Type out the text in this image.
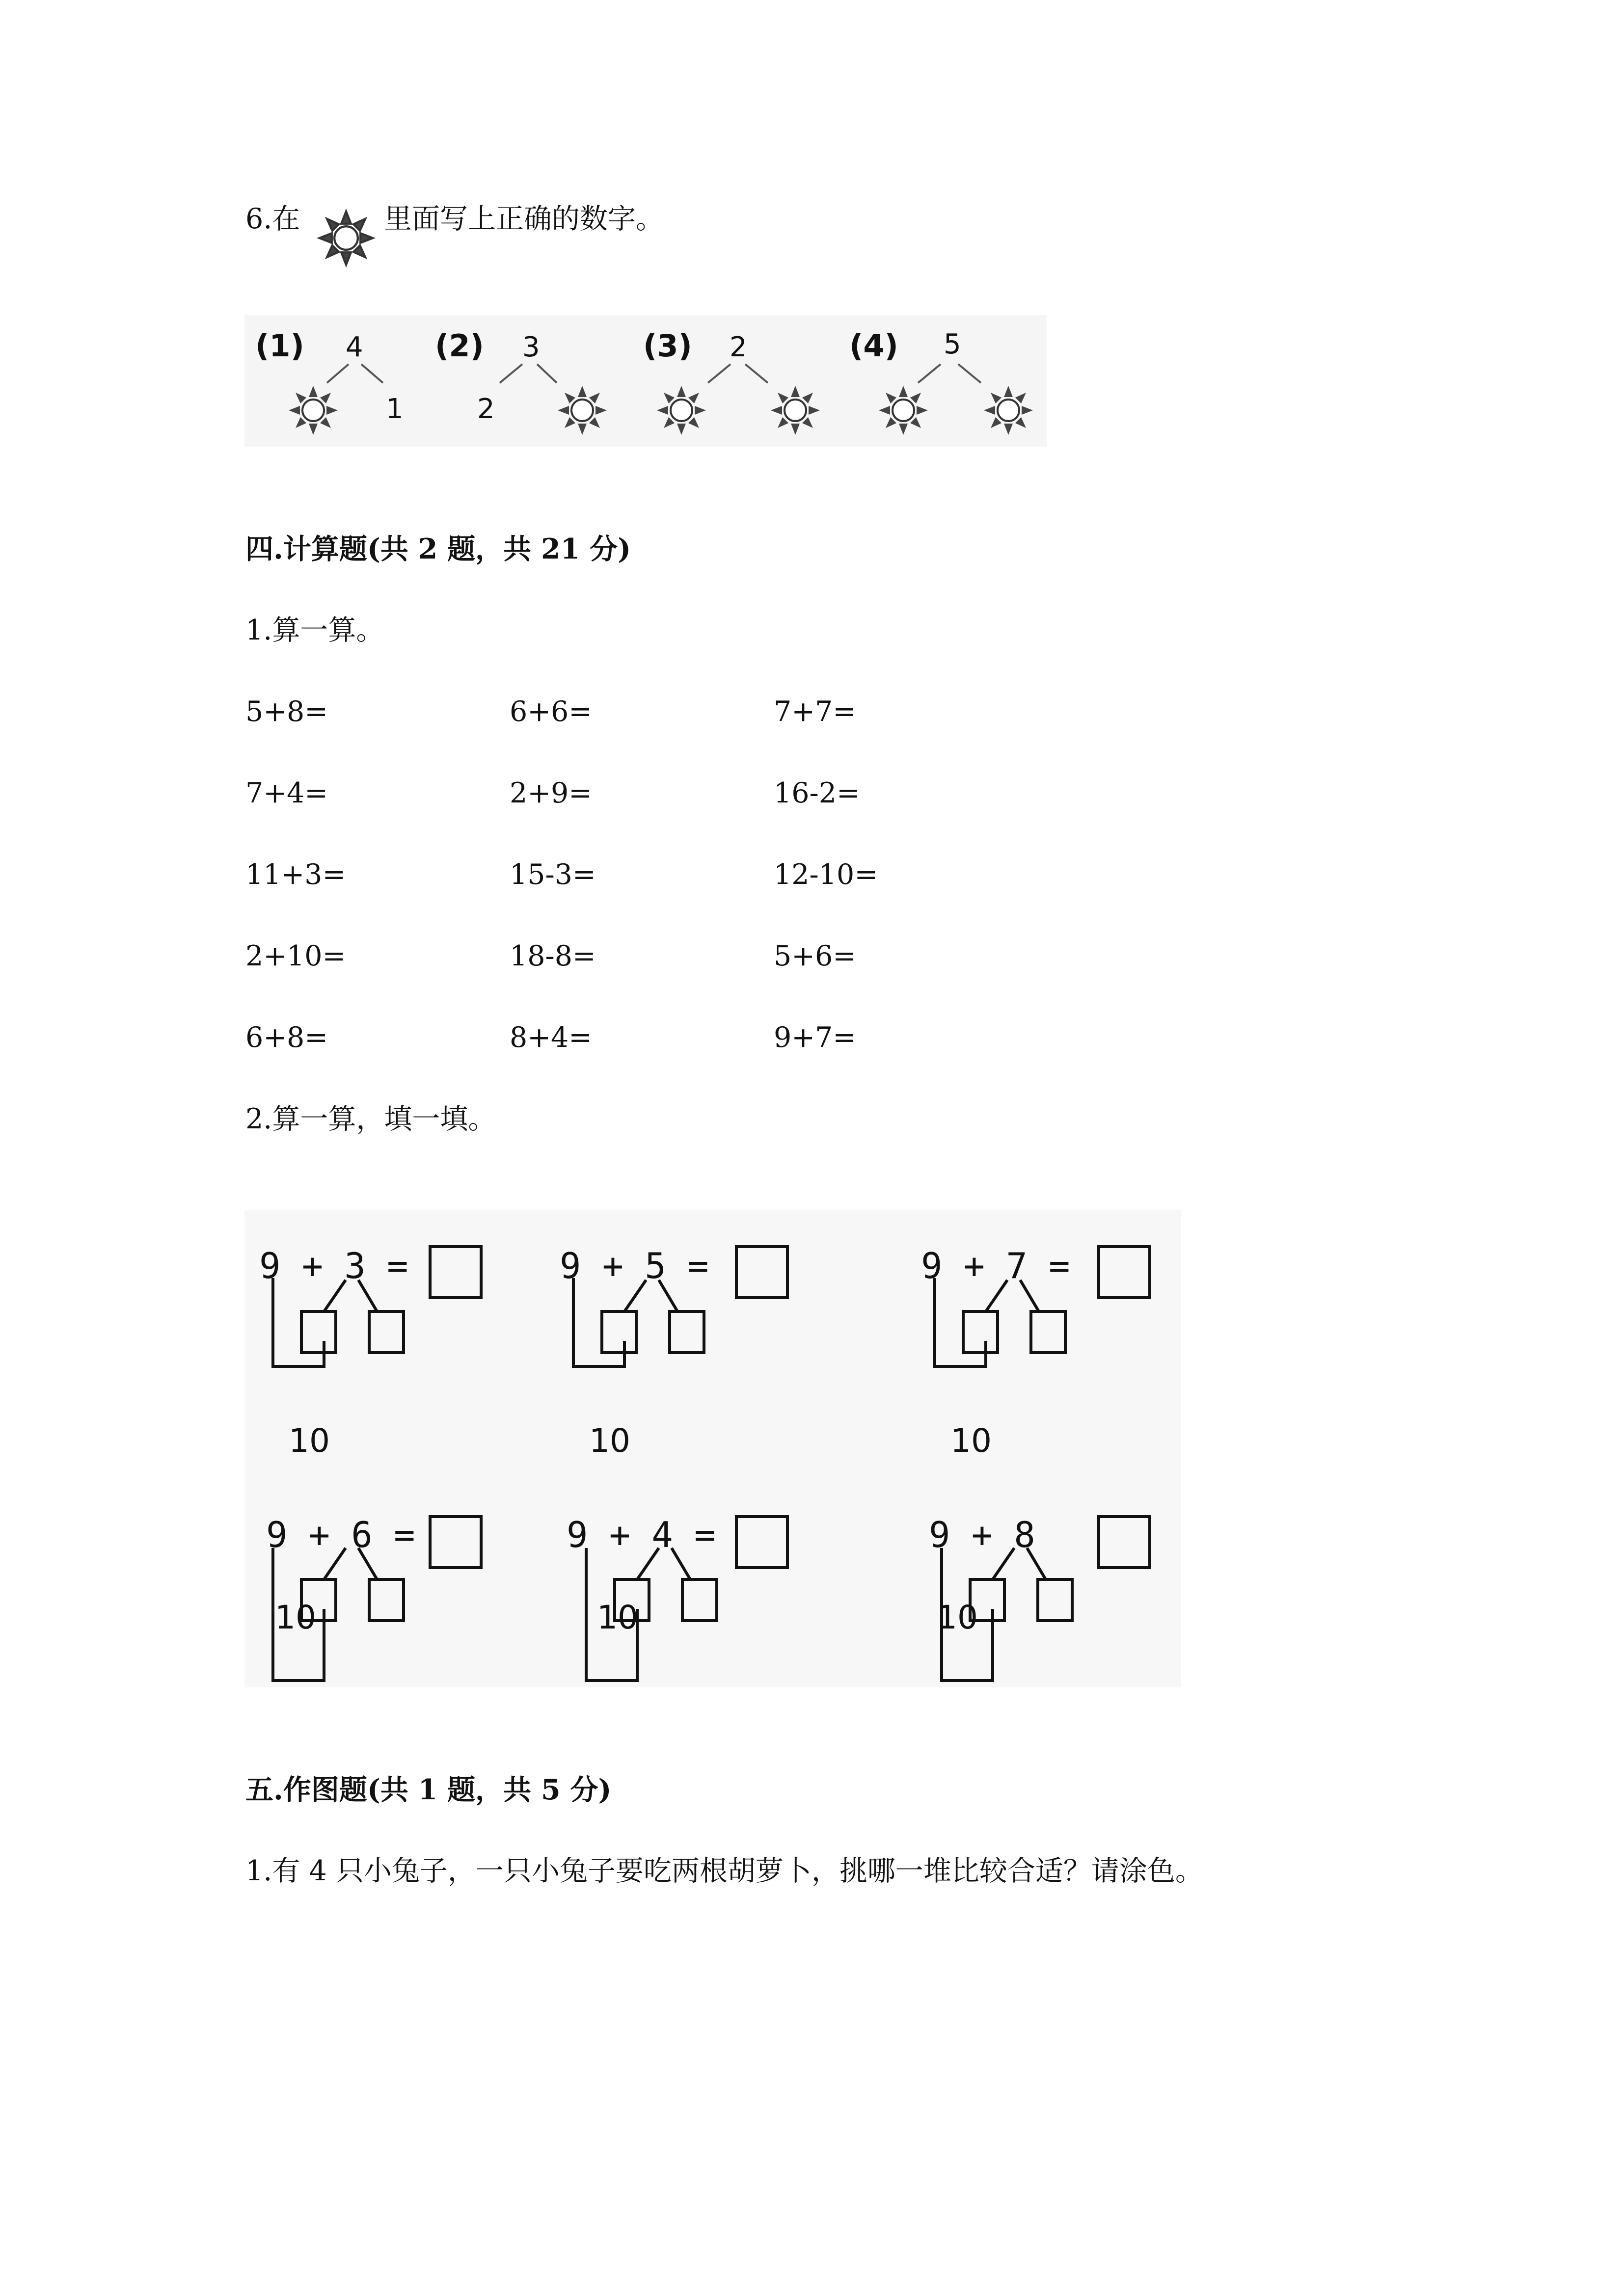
6.在	里面写上正确的数字。
(1) 4
1
(2) 3
2
(3) 2	(4) 5
四.计算题(共 2 题，共 21 分)
1.算一算。
5+8=	6+6=	7+7=
7+4=	2+9=	16-2=
11+3=	15-3=	12-10=
2+10=	18-8=	5+6=
6+8=	8+4=	9+7=
2.算一算，填一填。
9 + 3 =	9 + 5 =	9 + 7 =
9 + 6 =	9 + 4 =	9 + 8
10	10	10
10	10	10
五.作图题(共 1 题，共 5 分)
1.有 4 只小兔子，一只小兔子要吃两根胡萝卜，挑哪一堆比较合适？请涂色。
